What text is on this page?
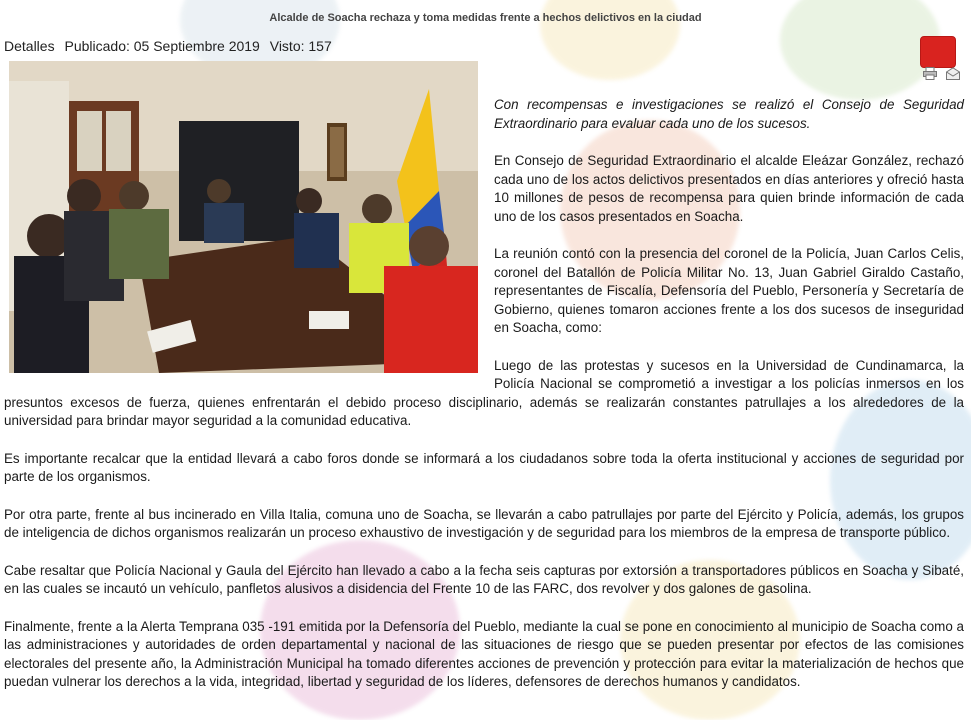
Alcalde de Soacha rechaza y toma medidas frente a hechos delictivos en la ciudad
Detalles Publicado: 05 Septiembre 2019 Visto: 157

Con recompensas e investigaciones se realizó el Consejo de Seguridad Extraordinario para evaluar cada uno de los sucesos.

En Consejo de Seguridad Extraordinario el alcalde Eleázar González, rechazó cada uno de los actos delictivos presentados en días anteriores y ofreció hasta 10 millones de pesos de recompensa para quien brinde información de cada uno de los casos presentados en Soacha.

La reunión contó con la presencia del coronel de la Policía, Juan Carlos Celis, coronel del Batallón de Policía Militar No. 13, Juan Gabriel Giraldo Castaño, representantes de Fiscalía, Defensoría del Pueblo, Personería y Secretaría de Gobierno, quienes tomaron acciones frente a los dos sucesos de inseguridad en Soacha, como:

Luego de las protestas y sucesos en la Universidad de Cundinamarca, la Policía Nacional se comprometió a investigar a los policías inmersos en los presuntos excesos de fuerza, quienes enfrentarán el debido proceso disciplinario, además se realizarán constantes patrullajes a los alrededores de la universidad para brindar mayor seguridad a la comunidad educativa.

Es importante recalcar que la entidad llevará a cabo foros donde se informará a los ciudadanos sobre toda la oferta institucional y acciones de seguridad por parte de los organismos.

Por otra parte, frente al bus incinerado en Villa Italia, comuna uno de Soacha, se llevarán a cabo patrullajes por parte del Ejército y Policía, además, los grupos de inteligencia de dichos organismos realizarán un proceso exhaustivo de investigación y de seguridad para los miembros de la empresa de transporte público.

Cabe resaltar que Policía Nacional y Gaula del Ejército han llevado a cabo a la fecha seis capturas por extorsión a transportadores públicos en Soacha y Sibaté, en las cuales se incautó un vehículo, panfletos alusivos a disidencia del Frente 10 de las FARC, dos revolver y dos galones de gasolina.

Finalmente, frente a la Alerta Temprana 035 -191 emitida por la Defensoría del Pueblo, mediante la cual se pone en conocimiento al municipio de Soacha como a las administraciones y autoridades de orden departamental y nacional de las situaciones de riesgo que se pueden presentar por efectos de las comisiones electorales del presente año, la Administración Municipal ha tomado diferentes acciones de prevención y protección para evitar la materialización de hechos que puedan vulnerar los derechos a la vida, integridad, libertad y seguridad de los líderes, defensores de derechos humanos y candidatos.
